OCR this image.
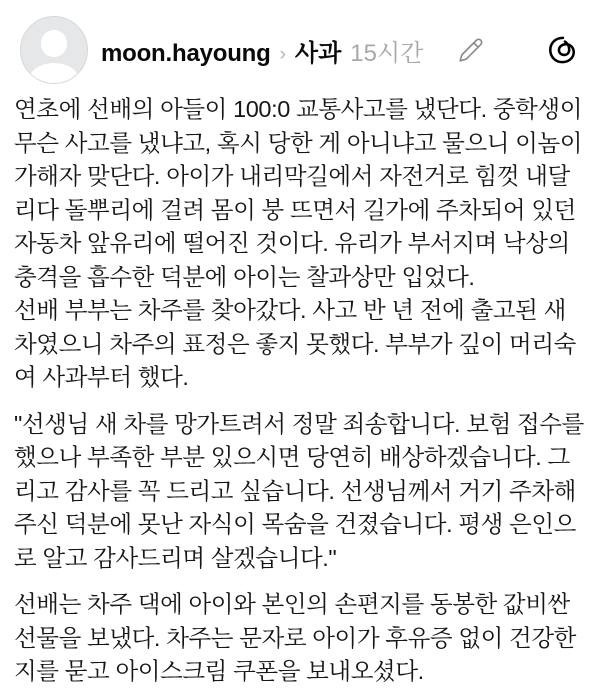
moon.hayoung › 사과 15시간

연초에 선배의 아들이 100:0 교통사고를 냈단다. 중학생이 무슨 사고를 냈냐고, 혹시 당한 게 아니냐고 물으니 이놈이 가해자 맞단다. 아이가 내리막길에서 자전거로 힘껏 내달리다 돌뿌리에 걸려 몸이 붕 뜨면서 길가에 주차되어 있던 자동차 앞유리에 떨어진 것이다. 유리가 부서지며 낙상의 충격을 흡수한 덕분에 아이는 찰과상만 입었다.

선배 부부는 차주를 찾아갔다. 사고 반 년 전에 출고된 새 차였으니 차주의 표정은 좋지 못했다. 부부가 깊이 머리숙여 사과부터 했다.

"선생님 새 차를 망가트려서 정말 죄송합니다. 보험 접수를 했으나 부족한 부분 있으시면 당연히 배상하겠습니다. 그리고 감사를 꼭 드리고 싶습니다. 선생님께서 거기 주차해 주신 덕분에 못난 자식이 목숨을 건졌습니다. 평생 은인으로 알고 감사드리며 살겠습니다."

선배는 차주 댁에 아이와 본인의 손편지를 동봉한 값비싼 선물을 보냈다. 차주는 문자로 아이가 후유증 없이 건강한지를 묻고 아이스크림 쿠폰을 보내오셨다.
